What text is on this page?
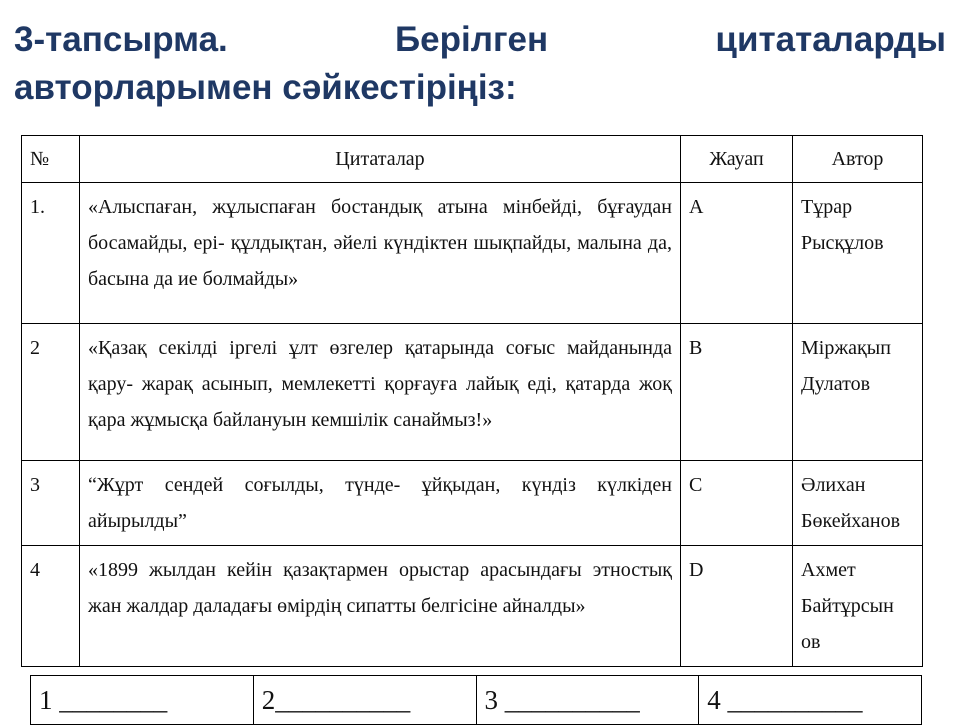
3-тапсырма. Берілген цитаталарды
авторларымен сәйкестіріңіз:
№	Цитаталар	Жауап	Автор
1.	«Алыспаған, жұлыспаған бостандық атына мінбейді, бұғаудан босамайды, ері- құлдықтан, әйелі күндіктен шықпайды, малына да, басына да ие болмайды»	A	Тұрар Рысқұлов
2	«Қазақ секілді іргелі ұлт өзгелер қатарында соғыс майданында қару- жарақ асынып, мемлекетті қорғауға лайық еді, қатарда жоқ қара жұмысқа байлануын кемшілік санаймыз!»	B	Міржақып Дулатов
3	“Жұрт сендей соғылды, түнде- ұйқыдан, күндіз күлкіден айырылды”	C	Әлихан Бөкейханов
4	«1899 жылдан кейін қазақтармен орыстар арасындағы этностық жан жалдар даладағы өмірдің сипатты белгісіне айналды»	D	Ахмет Байтұрсын ов
1 ________	2__________	3 __________	4 __________
